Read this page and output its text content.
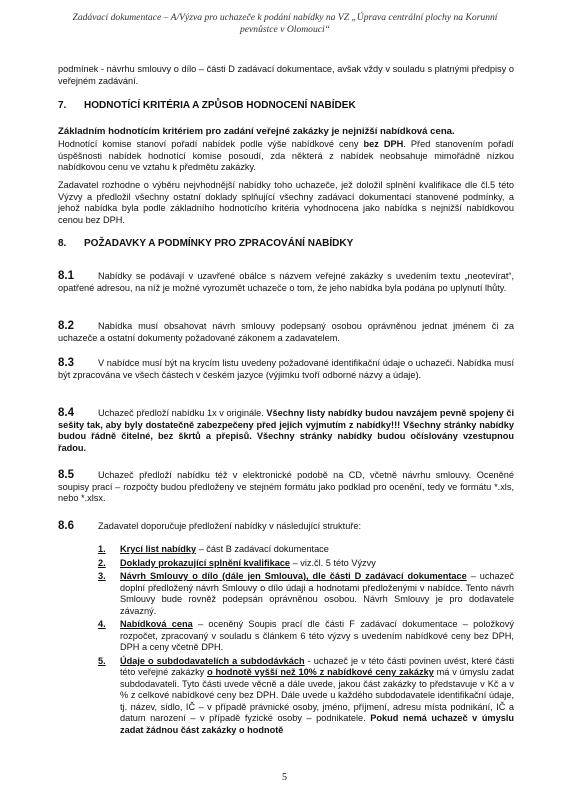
Zadávací dokumentace – A/Výzva pro uchazeče k podání nabídky na VZ „Úprava centrální plochy na Korunní
pevnůstce v Olomouci“
podmínek - návrhu smlouvy o dílo – části D zadávací dokumentace, avšak vždy v souladu s platnými předpisy o veřejném zadávání.
7. HODNOTÍCÍ KRITÉRIA A ZPŮSOB HODNOCENÍ NABÍDEK
Základním hodnotícím kritériem pro zadání veřejné zakázky je nejnižší nabídková cena.
Hodnotící komise stanoví pořadí nabídek podle výše nabídkové ceny bez DPH. Před stanovením pořadí úspěšnosti nabídek hodnotící komise posoudí, zda některá z nabídek neobsahuje mimořádně nízkou nabídkovou cenu ve vztahu k předmětu zakázky.
Zadavatel rozhodne o výběru nejvhodnější nabídky toho uchazeče, jež doložil splnění kvalifikace dle čl.5 této Výzvy a předložil všechny ostatní doklady splňující všechny zadávací dokumentací stanovené podmínky, a jehož nabídka byla podle základního hodnotícího kritéria vyhodnocena jako nabídka s nejnižší nabídkovou cenou bez DPH.
8. POŽADAVKY A PODMÍNKY PRO ZPRACOVÁNÍ NABÍDKY
8.1	Nabídky se podávají v uzavřené obálce s názvem veřejné zakázky s uvedením textu „neotevírat“, opatřené adresou, na níž je možné vyrozumět uchazeče o tom, že jeho nabídka byla podána po uplynutí lhůty.
8.2	Nabídka musí obsahovat návrh smlouvy podepsaný osobou oprávněnou jednat jménem či za uchazeče a ostatní dokumenty požadované zákonem a zadavatelem.
8.3	V nabídce musí být na krycím listu uvedeny požadované identifikační údaje o uchazeči. Nabídka musí být zpracována ve všech částech v českém jazyce (výjimku tvoří odborné názvy a údaje).
8.4	Uchazeč předloží nabídku 1x v originále. Všechny listy nabídky budou navzájem pevně spojeny či sešity tak, aby byly dostatečně zabezpečeny před jejich vyjmutím z nabídky!!! Všechny stránky nabídky budou řádně čitelné, bez škrtů a přepisů. Všechny stránky nabídky budou očíslovány vzestupnou řadou.
8.5	Uchazeč předloží nabídku též v elektronické podobě na CD, včetně návrhu smlouvy. Oceněné soupisy prací – rozpočty budou předloženy ve stejném formátu jako podklad pro ocenění, tedy ve formátu *.xls, nebo *.xlsx.
8.6	Zadavatel doporučuje předložení nabídky v následující struktuře:
1. Krycí list nabídky – část B zadávací dokumentace
2. Doklady prokazující splnění kvalifikace – viz.čl. 5 této Výzvy
3. Návrh Smlouvy o dílo (dále jen Smlouva), dle části D zadávací dokumentace – uchazeč doplní předložený návrh Smlouvy o dílo údaji a hodnotami předloženými v nabídce. Tento návrh Smlouvy bude rovněž podepsán oprávněnou osobou. Návrh Smlouvy je pro dodavatele závazný.
4. Nabídková cena – oceněný Soupis prací dle části F zadávací dokumentace – položkový rozpočet, zpracovaný v souladu s článkem 6 této výzvy s uvedením nabídkové ceny bez DPH, DPH a ceny včetně DPH.
5. Údaje o subdodavatelích a subdodávkách - uchazeč je v této části povinen uvést, které části této veřejné zakázky o hodnotě vyšší než 10% z nabídkové ceny zakázky má v úmyslu zadat subdodavateli. Tyto části uvede věcně a dále uvede, jakou část zakázky to představuje v Kč a v % z celkové nabídkové ceny bez DPH. Dále uvede u každého subdodavatele identifikační údaje, tj. název, sídlo, IČ – v případě právnické osoby, jméno, příjmení, adresu místa podnikání, IČ a datum narození – v případě fyzické osoby – podnikatele. Pokud nemá uchazeč v úmyslu zadat žádnou část zakázky o hodnotě
5
